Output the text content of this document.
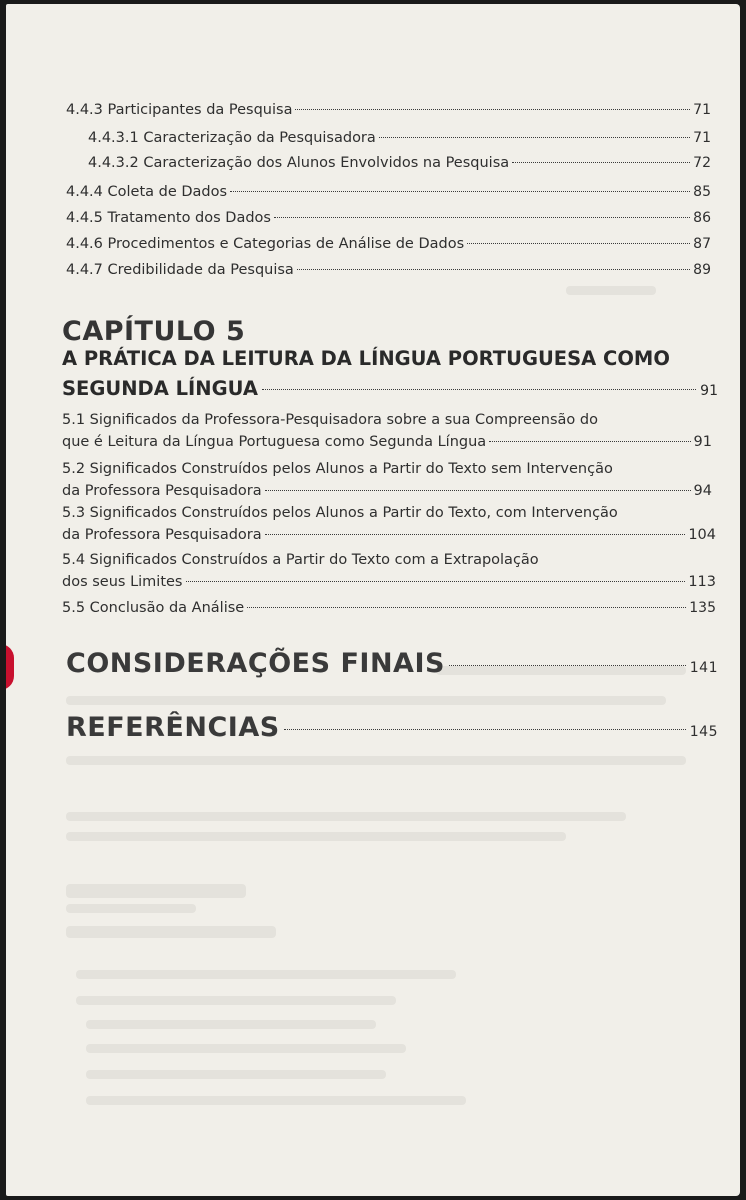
4.4.3 Participantes da Pesquisa	71
4.4.3.1 Caracterização da Pesquisadora	71
4.4.3.2 Caracterização dos Alunos Envolvidos na Pesquisa	72
4.4.4 Coleta de Dados	85
4.4.5 Tratamento dos Dados	86
4.4.6 Procedimentos e Categorias de Análise de Dados	87
4.4.7 Credibilidade da Pesquisa	89
CAPÍTULO 5
A PRÁTICA DA LEITURA DA LÍNGUA PORTUGUESA COMO
SEGUNDA LÍNGUA	91
5.1 Significados da Professora-Pesquisadora sobre a sua Compreensão do
que é Leitura da Língua Portuguesa como Segunda Língua	91
5.2 Significados Construídos pelos Alunos a Partir do Texto sem Intervenção
da Professora Pesquisadora	94
5.3 Significados Construídos pelos Alunos a Partir do Texto, com Intervenção
da Professora Pesquisadora	104
5.4 Significados Construídos a Partir do Texto com a Extrapolação
dos seus Limites	113
5.5 Conclusão da Análise	135
CONSIDERAÇÕES FINAIS	141
REFERÊNCIAS	145
